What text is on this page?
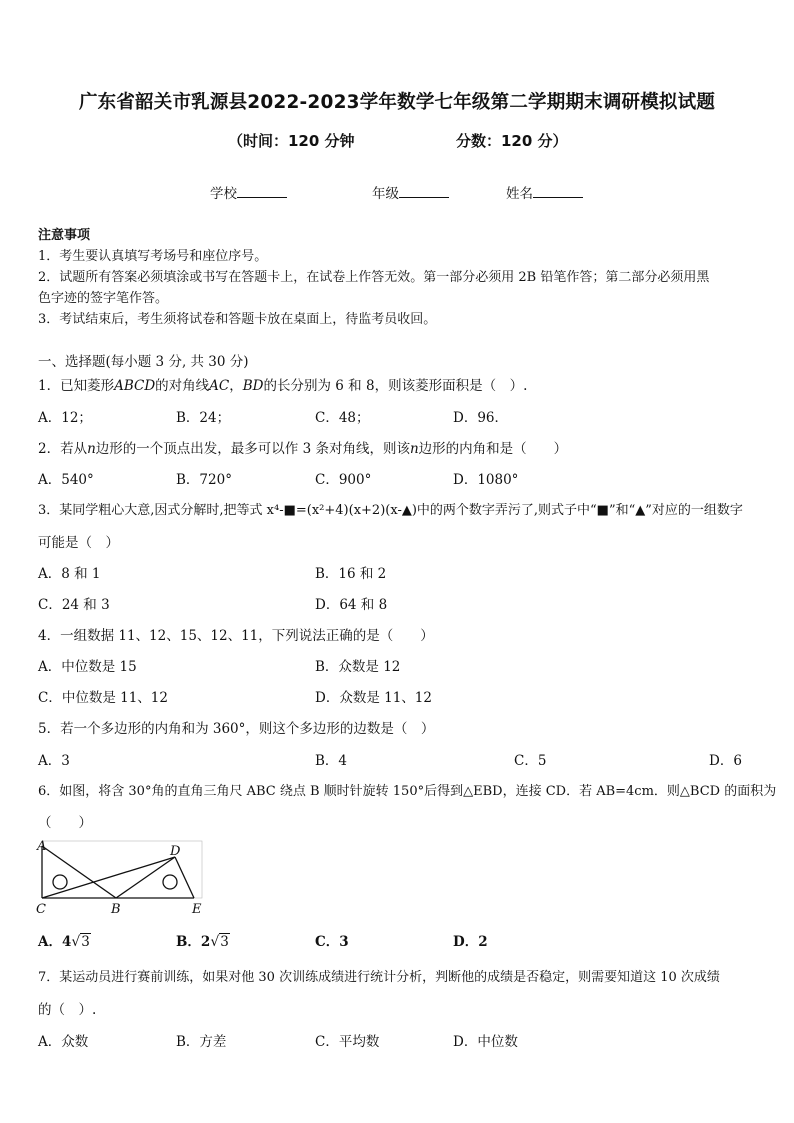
广东省韶关市乳源县2022-2023学年数学七年级第二学期期末调研模拟试题
（时间：120 分钟	分数：120 分）
学校	年级	姓名
注意事项
1．考生要认真填写考场号和座位序号。
2．试题所有答案必须填涂或书写在答题卡上，在试卷上作答无效。第一部分必须用 2B 铅笔作答；第二部分必须用黑
色字迹的签字笔作答。
3．考试结束后，考生须将试卷和答题卡放在桌面上，待监考员收回。
一、选择题(每小题 3 分, 共 30 分)
1．已知菱形ABCD的对角线AC，BD的长分别为 6 和 8，则该菱形面积是（　）.
A．12；	B．24；	C．48；	D．96．
2．若从n边形的一个顶点出发，最多可以作 3 条对角线，则该n边形的内角和是（　　）
A．540°	B．720°	C．900°	D．1080°
3．某同学粗心大意,因式分解时,把等式 x⁴-■=(x²+4)(x+2)(x-▲)中的两个数字弄污了,则式子中“■”和“▲”对应的一组数字
可能是（　）
A．8 和 1	B．16 和 2
C．24 和 3	D．64 和 8
4．一组数据 11、12、15、12、11，下列说法正确的是（　　）
A．中位数是 15	B．众数是 12
C．中位数是 11、12	D．众数是 11、12
5．若一个多边形的内角和为 360°，则这个多边形的边数是（　）
A．3	B．4	C．5	D．6
6．如图，将含 30°角的直角三角尺 ABC 绕点 B 顺时针旋转 150°后得到△EBD，连接 CD．若 AB=4cm．则△BCD 的面积为
（　　）
A	D
C	B	E
A．4√3	B．2√3	C．3	D．2
7．某运动员进行赛前训练，如果对他 30 次训练成绩进行统计分析，判断他的成绩是否稳定，则需要知道这 10 次成绩
的（　）.
A．众数	B．方差	C．平均数	D．中位数
